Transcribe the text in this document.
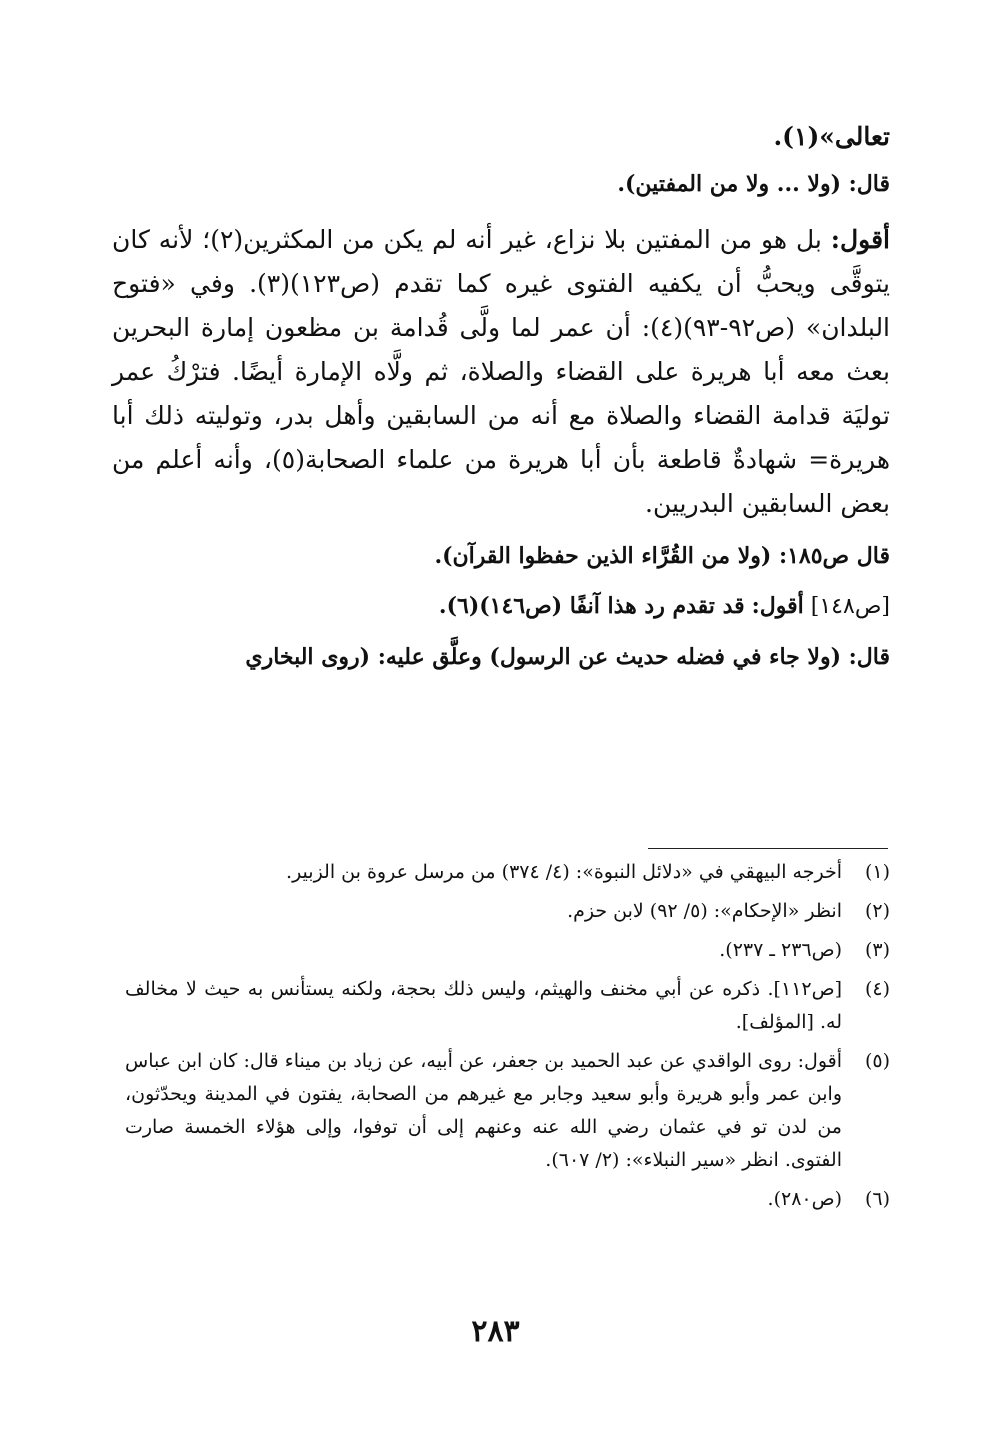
تعالى»(١).

قال: (ولا ... ولا من المفتين).

أقول: بل هو من المفتين بلا نزاع، غير أنه لم يكن من المكثرين(٢)؛ لأنه كان يتوقَّى ويحبُّ أن يكفيه الفتوى غيره كما تقدم (ص١٢٣)(٣). وفي «فتوح البلدان» (ص٩٢-٩٣)(٤): أن عمر لما ولَّى قُدامة بن مظعون إمارة البحرين بعث معه أبا هريرة على القضاء والصلاة، ثم ولَّاه الإمارة أيضًا. فترْكُ عمر توليَة قدامة القضاء والصلاة مع أنه من السابقين وأهل بدر، وتوليته ذلك أبا هريرة= شهادةٌ قاطعة بأن أبا هريرة من علماء الصحابة(٥)، وأنه أعلم من بعض السابقين البدريين.

قال ص١٨٥: (ولا من القُرَّاء الذين حفظوا القرآن).

[ص١٤٨] أقول: قد تقدم رد هذا آنفًا (ص١٤٦)(٦).

قال: (ولا جاء في فضله حديث عن الرسول) وعلَّق عليه: (روى البخاري

(١)
أخرجه البيهقي في «دلائل النبوة»: (٤/ ٣٧٤) من مرسل عروة بن الزبير.
(٢)
انظر «الإحكام»: (٥/ ٩٢) لابن حزم.
(٣)
(ص٢٣٦ ـ ٢٣٧).
(٤)
[ص١١٢]. ذكره عن أبي مخنف والهيثم، وليس ذلك بحجة، ولكنه يستأنس به حيث لا مخالف له. [المؤلف].
(٥)
أقول: روى الواقدي عن عبد الحميد بن جعفر، عن أبيه، عن زياد بن ميناء قال: كان ابن عباس وابن عمر وأبو هريرة وأبو سعيد وجابر مع غيرهم من الصحابة، يفتون في المدينة ويحدّثون، من لدن تو في عثمان رضي الله عنه وعنهم إلى أن توفوا، وإلى هؤلاء الخمسة صارت الفتوى. انظر «سير النبلاء»: (٢/ ٦٠٧).
(٦)
(ص٢٨٠).
٢٨٣
